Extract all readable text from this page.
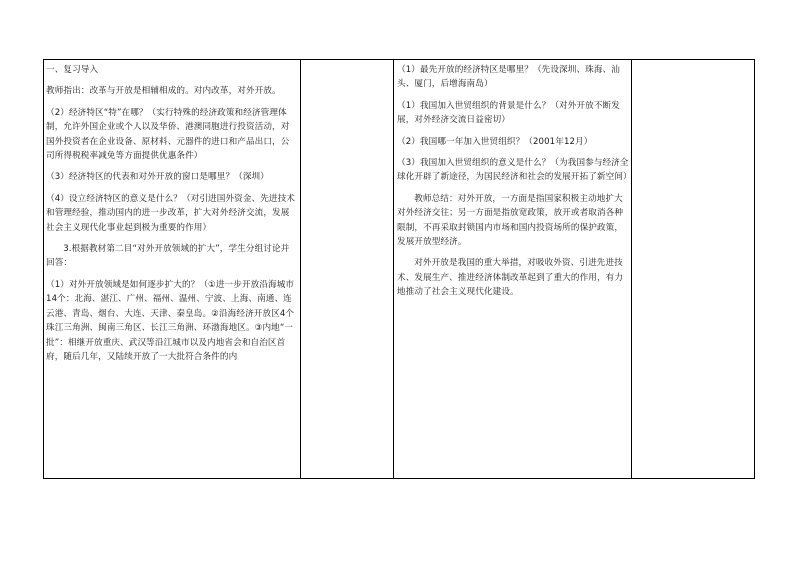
一、复习导入

教师指出：改革与开放是相辅相成的。对内改革，对外开放。

（2）经济特区“特”在哪？（实行特殊的经济政策和经济管理体制，允许外国企业或个人以及华侨、港澳同胞进行投资活动，对国外投资者在企业设备、原材料、元器件的进口和产品出口，公司所得税税率减免等方面提供优惠条件）

（3）经济特区的代表和对外开放的窗口是哪里？（深圳）

（4）设立经济特区的意义是什么？（对引进国外资金、先进技术和管理经验，推动国内的进一步改革，扩大对外经济交流，发展社会主义现代化事业起到极为重要的作用）

3.根据教材第二目“对外开放领域的扩大”，学生分组讨论并回答：

（1）对外开放领域是如何逐步扩大的？（①进一步开放沿海城市14个：北海、湛江、广州、福州、温州、宁波、上海、南通、连云港、青岛、烟台、大连、天津、秦皇岛。②沿海经济开放区4个 珠江三角洲、闽南三角区、长江三角洲、环渤海地区。③内地“一批”：相继开放重庆、武汉等沿江城市以及内地省会和自治区首府，随后几年，又陆续开放了一大批符合条件的内

（1）最先开放的经济特区是哪里？（先设深圳、珠海、汕头、厦门，后增海南岛）

（1）我国加入世贸组织的背景是什么？（对外开放不断发展，对外经济交流日益密切）

（2）我国哪一年加入世贸组织？（2001年12月）

（3）我国加入世贸组织的意义是什么？（为我国参与经济全球化开辟了新途径，为国民经济和社会的发展开拓了新空间）

教师总结：对外开放，一方面是指国家积极主动地扩大对外经济交往；另一方面是指放宽政策，放开或者取消各种限制，不再采取封锁国内市场和国内投资场所的保护政策，发展开放型经济。

对外开放是我国的重大举措，对吸收外资、引进先进技术、发展生产、推进经济体制改革起到了重大的作用，有力地推动了社会主义现代化建设。
